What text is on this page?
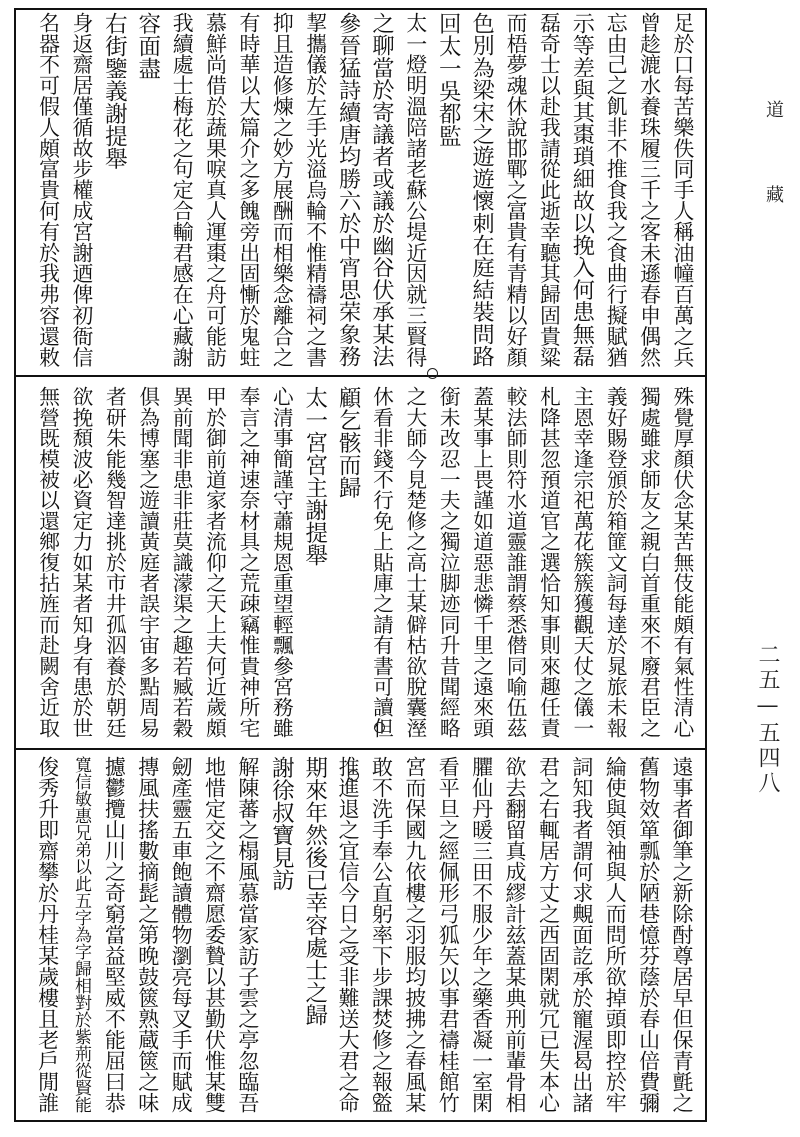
足於口每苦樂佚同手人稱油幢百萬之兵
曾趁漉水養珠履三千之客未遜春申偶然
忘由己之飢非不推食我之食曲行擬賦猶
示等差與其棗瑣細故以挽入何患無磊
磊奇士以赴我請從此逝幸聽其歸固貴粱
而梧夢魂休說邯鄲之富貴有青精以好顏
色別為梁宋之遊遊懷刺在庭結裝問路
回太一吳都監
太一燈明溫陪諸老蘇公堤近因就三賢得
之聊當於寄議者或議於幽谷伏承某法
參晉猛詩續唐均勝六於中宵思荣象務
挈攜儀於左手光溢烏輪不惟精禱祠之書
抑且造修煉之妙方展酬而相樂念離合之
有時華以大篇介之多餽旁出固慚於鬼蛀
慕鮮尚借於蔬果唳真人運棗之舟可能訪
我續處士梅花之句定合輸君感在心藏謝
容面盡
右街鑒義謝提舉
身返齋居僅循故步權成宮謝迺俾初衙信
名器不可假人頗富貴何有於我弗容還敕
殊覺厚顏伏念某苦無伎能頗有氣性清心
獨處雖求師友之親白首重來不廢君臣之
義好賜登頒於箱篚文詞每達於晁旅未報
主恩幸逢宗祀萬花簇簇獲觀天仗之儀一
札降甚忽預道官之選恰知事則來趣任責
較法師則符水道靈誰謂蔡悉僣同喻伍茲
蓋某事上畏謹如道惡悲憐千里之遠來頭
銜未改忍一夫之獨泣脚迹同升昔聞經略
之大師今見楚修之高士某僻枯欲脫囊溼
休看非錢不行免上貼庫之請有書可讀但
顧乞骸而歸
太一宮宮主謝提舉
心清事簡謹守蕭規恩重望輕飄參宮務雖
奉言之神速奈材具之荒疎竊惟貴神所宅
甲於御前道家者流仰之天上夫何近歲頗
異前聞非患非莊莫識濛渠之趣若臧若穀
俱為博塞之遊讀黃庭者誤宇宙多點周易
者研朱能幾智達挑於市井孤泅養於朝廷
欲挽頹波必資定力如某者知身有患於世
無營既模被以還鄉復拈旌而赴闕舍近取
遠事者御筆之新除酎尊居早但保青氈之
舊物效箪瓢於陋巷憶芬蔭於春山倍費彌
綸使與領袖與人而問所欲掉頭即控於牢
詞知我者謂何求覥面訖承於寵渥曷出諸
君之右輒居方丈之西固閑就冗已失本心
欲去翻留真成繆計兹蓋某典刑前輩骨相
臞仙丹暖三田不服少年之藥香凝一室閑
看平旦之經佩形弓狐矢以事君禱桂館竹
宮而保國九依樓之羽服均披拂之春風某
敢不洗手奉公直躬率下步課焚修之報益
推進退之宜信今日之受非難送大君之命
期來年然後已幸容處士之歸
謝徐叔寶見訪
解陳蕃之榻風慕當家訪子雲之亭忽臨吾
地惜定交之不齋愿委贄以甚勤伏惟某雙
劒產靈五車飽讀體物瀏亮每叉手而賦成
摶風扶搖數摘髭之第晚鼓篋熟蔵篋之味
攄鬱攬山川之奇窮當益堅威不能屈曰恭
寬信敏惠兄弟以此五字為字歸相對於紫荊從賢能
俊秀升即齋攀於丹桂某歲樓且老戶閒誰
道
藏
二五—五四八
